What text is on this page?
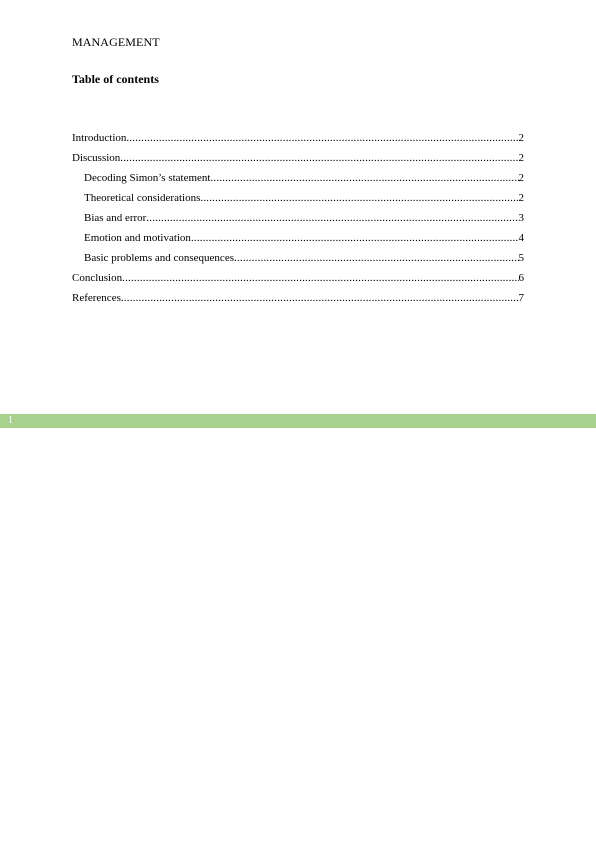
MANAGEMENT
Table of contents
Introduction .....	2
Discussion .....	2
Decoding Simon’s statement .....	2
Theoretical considerations .....	2
Bias and error .....	3
Emotion and motivation .....	4
Basic problems and consequences .....	5
Conclusion .....	6
References .....	7
1
